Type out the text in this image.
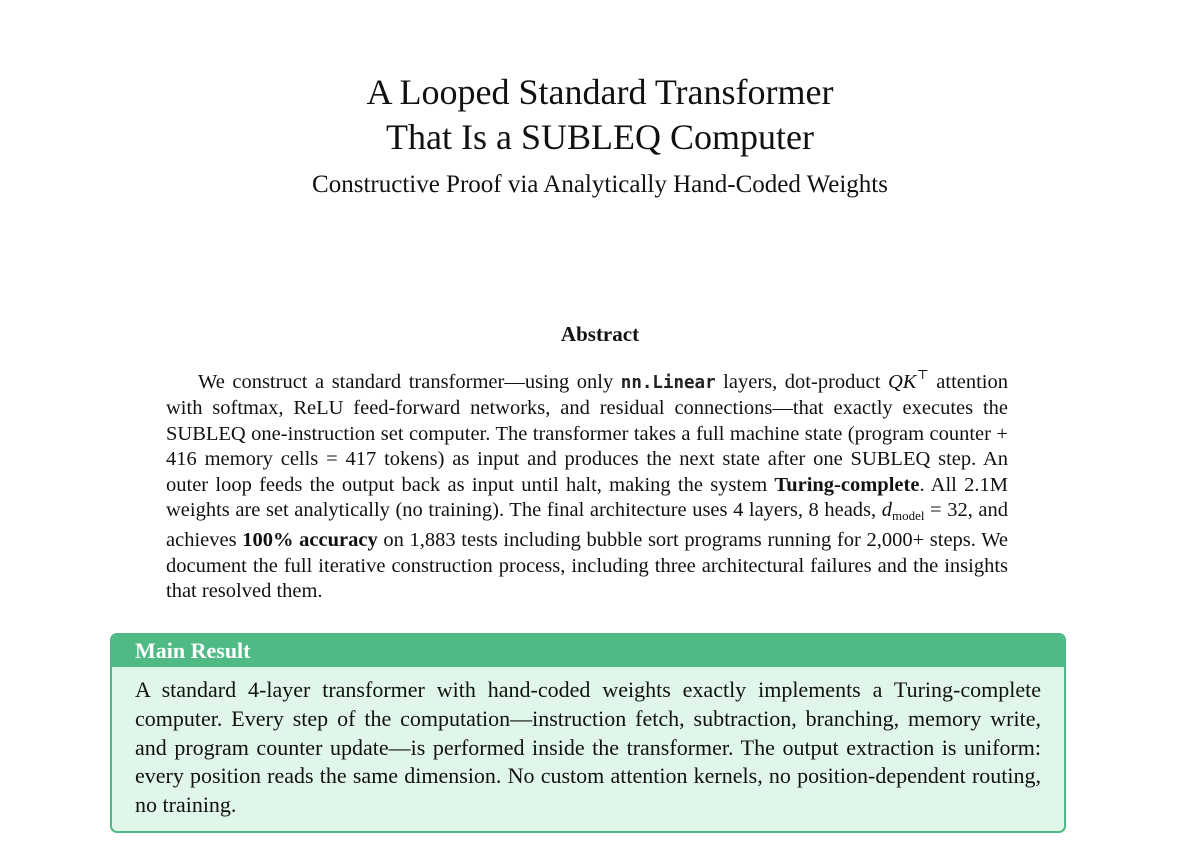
A Looped Standard Transformer
That Is a SUBLEQ Computer
Constructive Proof via Analytically Hand-Coded Weights
Abstract
We construct a standard transformer—using only nn.Linear layers, dot-product QK⊤ attention with softmax, ReLU feed-forward networks, and residual connections—that exactly executes the SUBLEQ one-instruction set computer. The transformer takes a full machine state (program counter + 416 memory cells = 417 tokens) as input and produces the next state after one SUBLEQ step. An outer loop feeds the output back as input until halt, making the system Turing-complete. All 2.1M weights are set analytically (no training). The final architecture uses 4 layers, 8 heads, $d_{model} = 32$, and achieves 100% accuracy on 1,883 tests including bubble sort programs running for 2,000+ steps. We document the full iterative construction process, including three architectural failures and the insights that resolved them.
Main Result
A standard 4-layer transformer with hand-coded weights exactly implements a Turing-complete computer. Every step of the computation—instruction fetch, subtraction, branching, memory write, and program counter update—is performed inside the transformer. The output extraction is uniform: every position reads the same dimension. No custom attention kernels, no position-dependent routing, no training.
